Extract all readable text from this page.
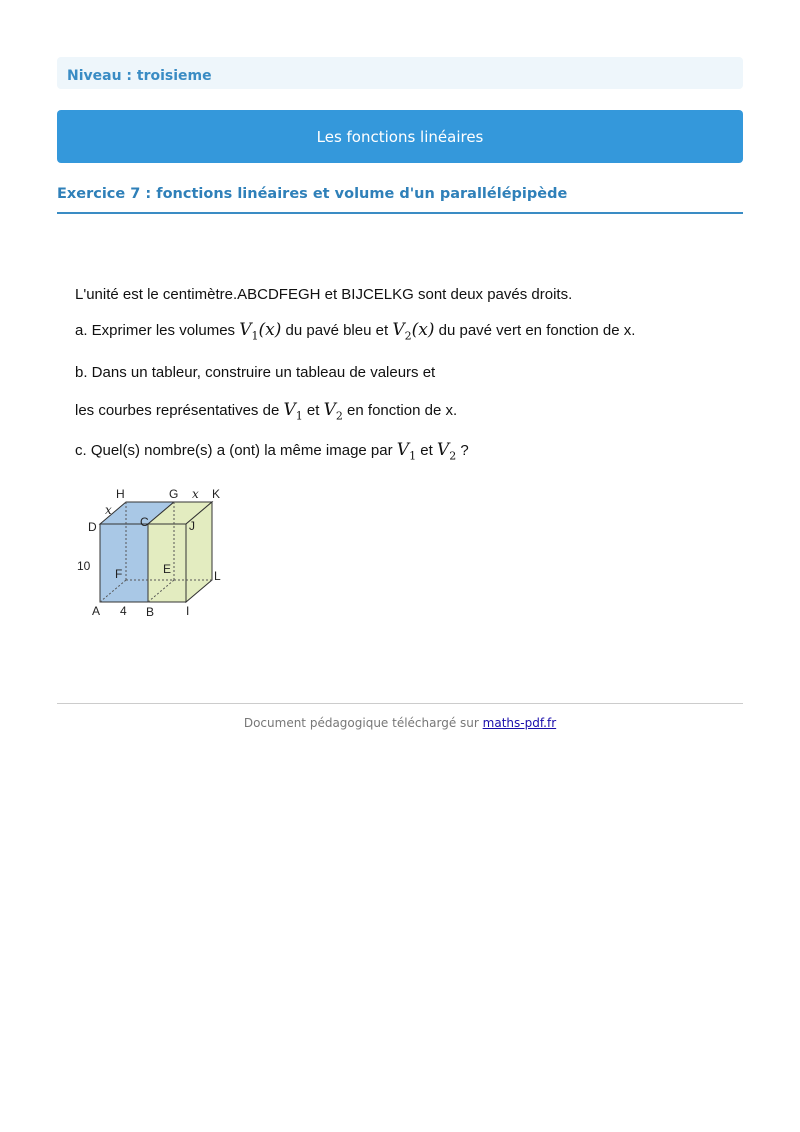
Niveau : troisieme
Les fonctions linéaires
Exercice 7 : fonctions linéaires et volume d'un parallélépipède
L'unité est le centimètre.ABCDFEGH et BIJCELKG sont deux pavés droits.
a. Exprimer les volumes $V_1(x)$ du pavé bleu et $V_2(x)$ du pavé vert en fonction de x.
b. Dans un tableur, construire un tableau de valeurs et
les courbes représentatives de $V_1$ et $V_2$ en fonction de x.
c. Quel(s) nombre(s) a (ont) la même image par $V_1$ et $V_2$ ?
H	G x K
x
D	C	J
10
F	E	L
A 4 B	I
Document pédagogique téléchargé sur maths-pdf.fr
